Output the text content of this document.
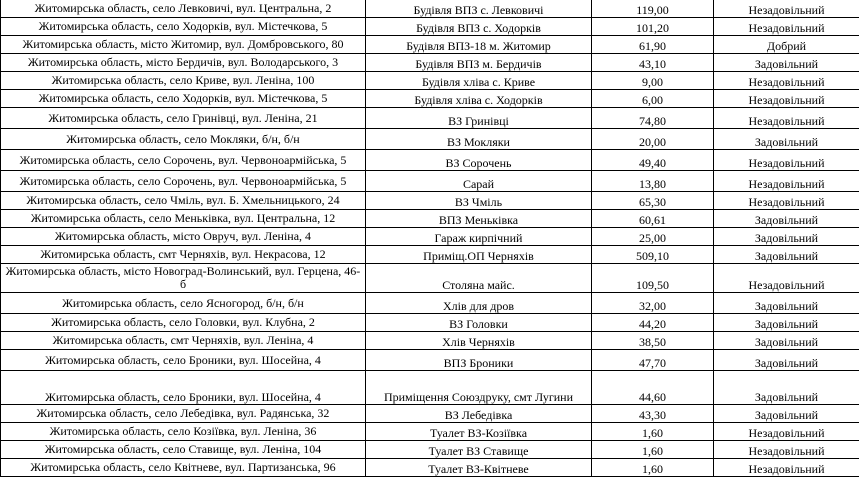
Житомирська область, село Левковичі, вул. Центральна, 2	Будівля ВПЗ с. Левковичі	119,00	Незадовільний
Житомирська область, село Ходорків, вул. Містечкова, 5	Будівля ВПЗ с. Ходорків	101,20	Незадовільний
Житомирська область, місто Житомир, вул. Домбровського, 80	Будівля ВПЗ-18 м. Житомир	61,90	Добрий
Житомирська область, місто Бердичів, вул. Володарського, 3	Будівля ВПЗ м. Бердичів	43,10	Задовільний
Житомирська область, село Криве, вул. Леніна, 100	Будівля хліва с. Криве	9,00	Незадовільний
Житомирська область, село Ходорків, вул. Містечкова, 5	Будівля хліва с. Ходорків	6,00	Незадовільний
Житомирська область, село Гринівці, вул. Леніна, 21	ВЗ Гринівці	74,80	Незадовільний
Житомирська область, село Мокляки, б/н, б/н	ВЗ Мокляки	20,00	Задовільний
Житомирська область, село Сорочень, вул. Червоноармійська, 5	ВЗ Сорочень	49,40	Незадовільний
Житомирська область, село Сорочень, вул. Червоноармійська, 5	Сарай	13,80	Незадовільний
Житомирська область, село Чміль, вул. Б. Хмельницького, 24	ВЗ Чміль	65,30	Незадовільний
Житомирська область, село Меньківка, вул. Центральна, 12	ВПЗ Меньківка	60,61	Задовільний
Житомирська область, місто Овруч, вул. Леніна, 4	Гараж кирпічний	25,00	Задовільний
Житомирська область, смт Черняхів, вул. Некрасова, 12	Приміщ.ОП Черняхів	509,10	Задовільний
Житомирська область, місто Новоград-Волинський, вул. Герцена, 46-б	Столяна майс.	109,50	Незадовільний
Житомирська область, село Ясногород, б/н, б/н	Хлів для дров	32,00	Задовільний
Житомирська область, село Головки, вул. Клубна, 2	ВЗ Головки	44,20	Задовільний
Житомирська область, смт Черняхів, вул. Леніна, 4	Хлів Черняхів	38,50	Задовільний
Житомирська область, село Броники, вул. Шосейна, 4	ВПЗ Броники	47,70	Задовільний
Житомирська область, село Броники, вул. Шосейна, 4	Приміщення Союздруку, смт Лугини	44,60	Задовільний
Житомирська область, село Лебедівка, вул. Радянська, 32	ВЗ Лебедівка	43,30	Задовільний
Житомирська область, село Козіївка, вул. Леніна, 36	Туалет ВЗ-Козіївка	1,60	Незадовільний
Житомирська область, село Ставище, вул. Леніна, 104	Туалет ВЗ Ставище	1,60	Незадовільний
Житомирська область, село Квітневе, вул. Партизанська, 96	Туалет ВЗ-Квітневе	1,60	Незадовільний
